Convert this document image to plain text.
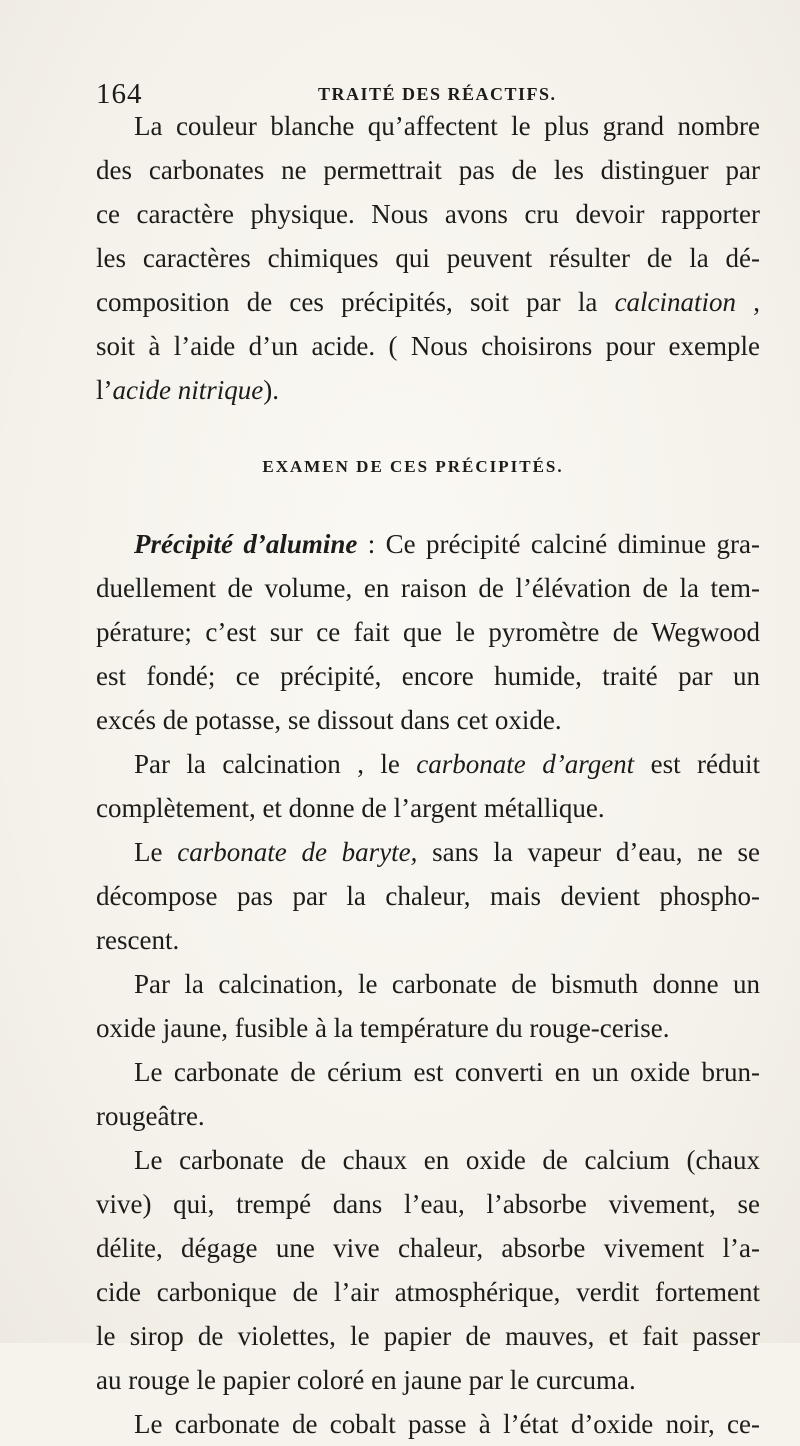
164	TRAITÉ DES RÉACTIFS.
La couleur blanche qu’affectent le plus grand nombre
des carbonates ne permettrait pas de les distinguer par
ce caractère physique. Nous avons cru devoir rapporter
les caractères chimiques qui peuvent résulter de la dé-
composition de ces précipités, soit par la calcination ,
soit à l’aide d’un acide. ( Nous choisirons pour exemple
l’acide nitrique).
EXAMEN DE CES PRÉCIPITÉS.
Précipité d’alumine : Ce précipité calciné diminue gra-
duellement de volume, en raison de l’élévation de la tem-
pérature; c’est sur ce fait que le pyromètre de Wegwood
est fondé; ce précipité, encore humide, traité par un
excés de potasse, se dissout dans cet oxide.
Par la calcination , le carbonate d’argent est réduit
complètement, et donne de l’argent métallique.
Le carbonate de baryte, sans la vapeur d’eau, ne se
décompose pas par la chaleur, mais devient phospho-
rescent.
Par la calcination, le carbonate de bismuth donne un
oxide jaune, fusible à la température du rouge-cerise.
Le carbonate de cérium est converti en un oxide brun-
rougeâtre.
Le carbonate de chaux en oxide de calcium (chaux
vive) qui, trempé dans l’eau, l’absorbe vivement, se
délite, dégage une vive chaleur, absorbe vivement l’a-
cide carbonique de l’air atmosphérique, verdit fortement
le sirop de violettes, le papier de mauves, et fait passer
au rouge le papier coloré en jaune par le curcuma.
Le carbonate de cobalt passe à l’état d’oxide noir, ce-
